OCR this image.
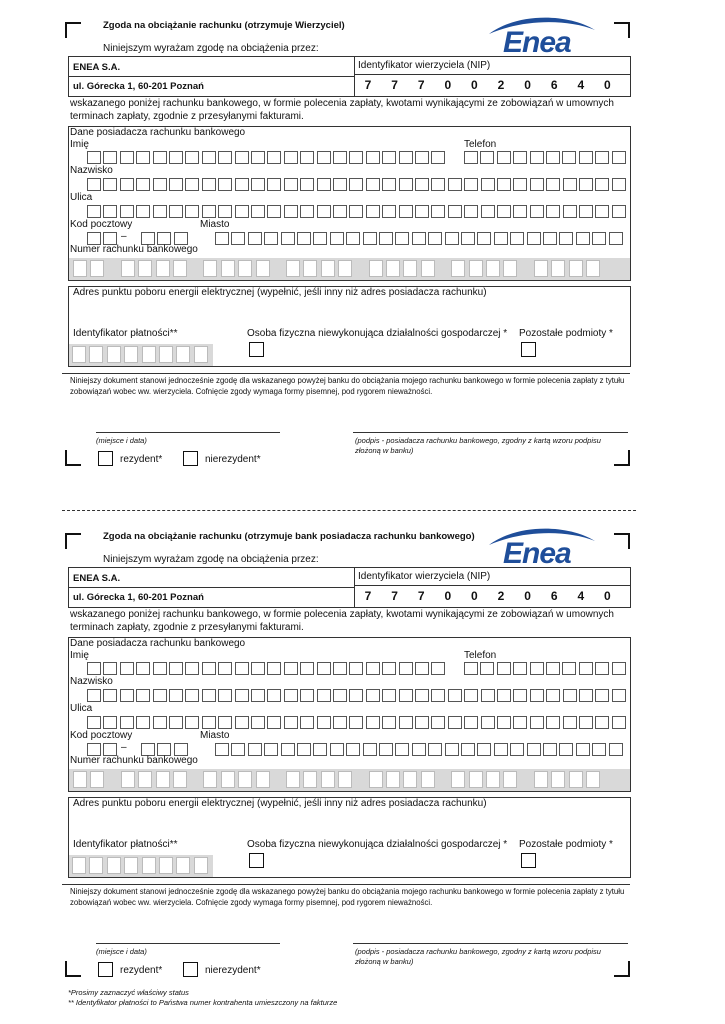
Zgoda na obciążanie rachunku (otrzymuje Wierzyciel)
Niniejszym wyrażam zgodę na obciążenia przez:	Enea
ENEA S.A.
ul. Górecka 1, 60-201 Poznań
Identyfikator wierzyciela (NIP)
7	7	7	0	0	2	0	6	4	0
wskazanego poniżej rachunku bankowego, w formie polecenia zapłaty, kwotami wynikającymi ze zobowiązań w umownych terminach zapłaty, zgodnie z przesyłanymi fakturami.
Dane posiadacza rachunku bankowego
Imię	Telefon
Nazwisko
Ulica
Kod pocztowy	Miasto
–
Numer rachunku bankowego
Adres punktu poboru energii elektrycznej (wypełnić, jeśli inny niż adres posiadacza rachunku)
Identyfikator płatności**	Osoba fizyczna niewykonująca działalności gospodarczej * Pozostałe podmioty *
Niniejszy dokument stanowi jednocześnie zgodę dla wskazanego powyżej banku do obciążania mojego rachunku bankowego w formie polecenia zapłaty z tytułu zobowiązań wobec ww. wierzyciela. Cofnięcie zgody wymaga formy pisemnej, pod rygorem nieważności.
(miejsce i data)	(podpis - posiadacza rachunku bankowego, zgodny z kartą wzoru podpisu złożoną w banku)
rezydent*	nierezydent*
Zgoda na obciążanie rachunku (otrzymuje bank posiadacza rachunku bankowego)
Niniejszym wyrażam zgodę na obciążenia przez:	Enea
ENEA S.A.
ul. Górecka 1, 60-201 Poznań
Identyfikator wierzyciela (NIP)
7	7	7	0	0	2	0	6	4	0
wskazanego poniżej rachunku bankowego, w formie polecenia zapłaty, kwotami wynikającymi ze zobowiązań w umownych terminach zapłaty, zgodnie z przesyłanymi fakturami.
Dane posiadacza rachunku bankowego
Imię	Telefon
Nazwisko
Ulica
Kod pocztowy	Miasto
–
Numer rachunku bankowego
Adres punktu poboru energii elektrycznej (wypełnić, jeśli inny niż adres posiadacza rachunku)
Identyfikator płatności**	Osoba fizyczna niewykonująca działalności gospodarczej * Pozostałe podmioty *
Niniejszy dokument stanowi jednocześnie zgodę dla wskazanego powyżej banku do obciążania mojego rachunku bankowego w formie polecenia zapłaty z tytułu zobowiązań wobec ww. wierzyciela. Cofnięcie zgody wymaga formy pisemnej, pod rygorem nieważności.
(miejsce i data)	(podpis - posiadacza rachunku bankowego, zgodny z kartą wzoru podpisu złożoną w banku)
rezydent*	nierezydent*
*Prosimy zaznaczyć właściwy status
** Identyfikator płatności to Państwa numer kontrahenta umieszczony na fakturze
